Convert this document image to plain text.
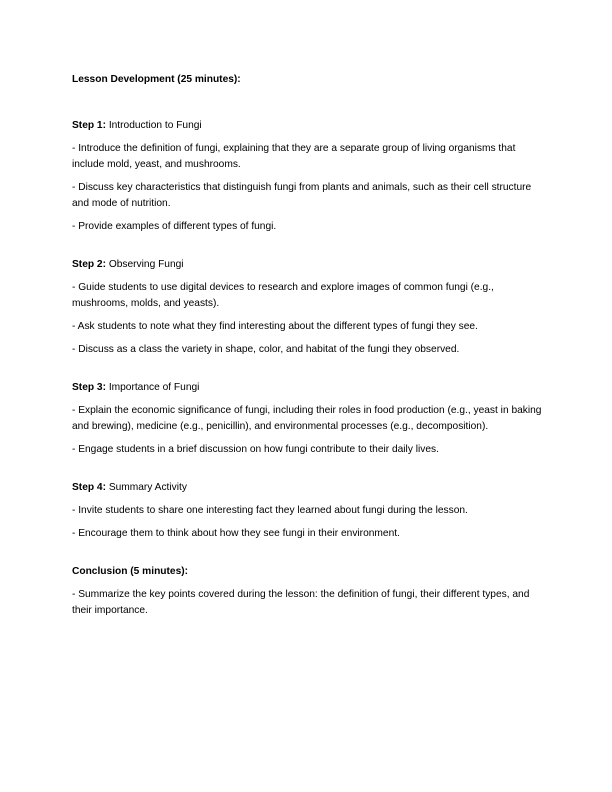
Lesson Development (25 minutes):

Step 1: Introduction to Fungi

- Introduce the definition of fungi, explaining that they are a separate group of living organisms that include mold, yeast, and mushrooms.

- Discuss key characteristics that distinguish fungi from plants and animals, such as their cell structure and mode of nutrition.

- Provide examples of different types of fungi.

Step 2: Observing Fungi

- Guide students to use digital devices to research and explore images of common fungi (e.g., mushrooms, molds, and yeasts).

- Ask students to note what they find interesting about the different types of fungi they see.

- Discuss as a class the variety in shape, color, and habitat of the fungi they observed.

Step 3: Importance of Fungi

- Explain the economic significance of fungi, including their roles in food production (e.g., yeast in baking and brewing), medicine (e.g., penicillin), and environmental processes (e.g., decomposition).

- Engage students in a brief discussion on how fungi contribute to their daily lives.

Step 4: Summary Activity

- Invite students to share one interesting fact they learned about fungi during the lesson.

- Encourage them to think about how they see fungi in their environment.

Conclusion (5 minutes):

- Summarize the key points covered during the lesson: the definition of fungi, their different types, and their importance.
